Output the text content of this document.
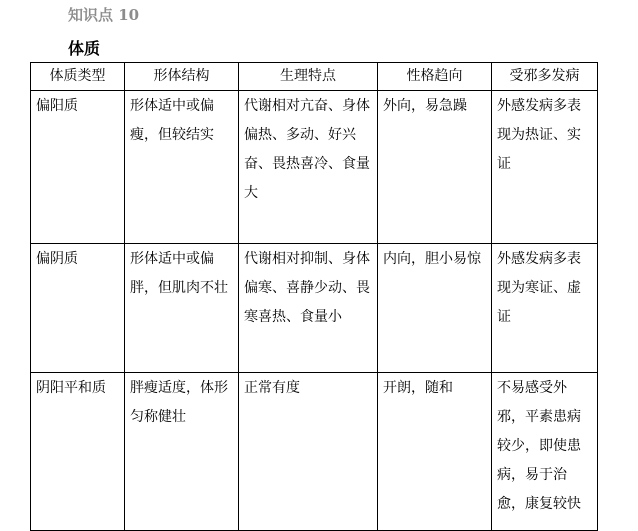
知识点 10
体质
体质类型	形体结构	生理特点	性格趋向	受邪多发病
偏阳质	形体适中或偏瘦，但较结实	代谢相对亢奋、身体偏热、多动、好兴奋、畏热喜冷、食量大	外向，易急躁	外感发病多表现为热证、实证
偏阴质	形体适中或偏胖，但肌肉不壮	代谢相对抑制、身体偏寒、喜静少动、畏寒喜热、食量小	内向，胆小易惊	外感发病多表现为寒证、虚证
阴阳平和质	胖瘦适度，体形匀称健壮	正常有度	开朗，随和	不易感受外邪，平素患病较少，即使患病，易于治愈，康复较快
